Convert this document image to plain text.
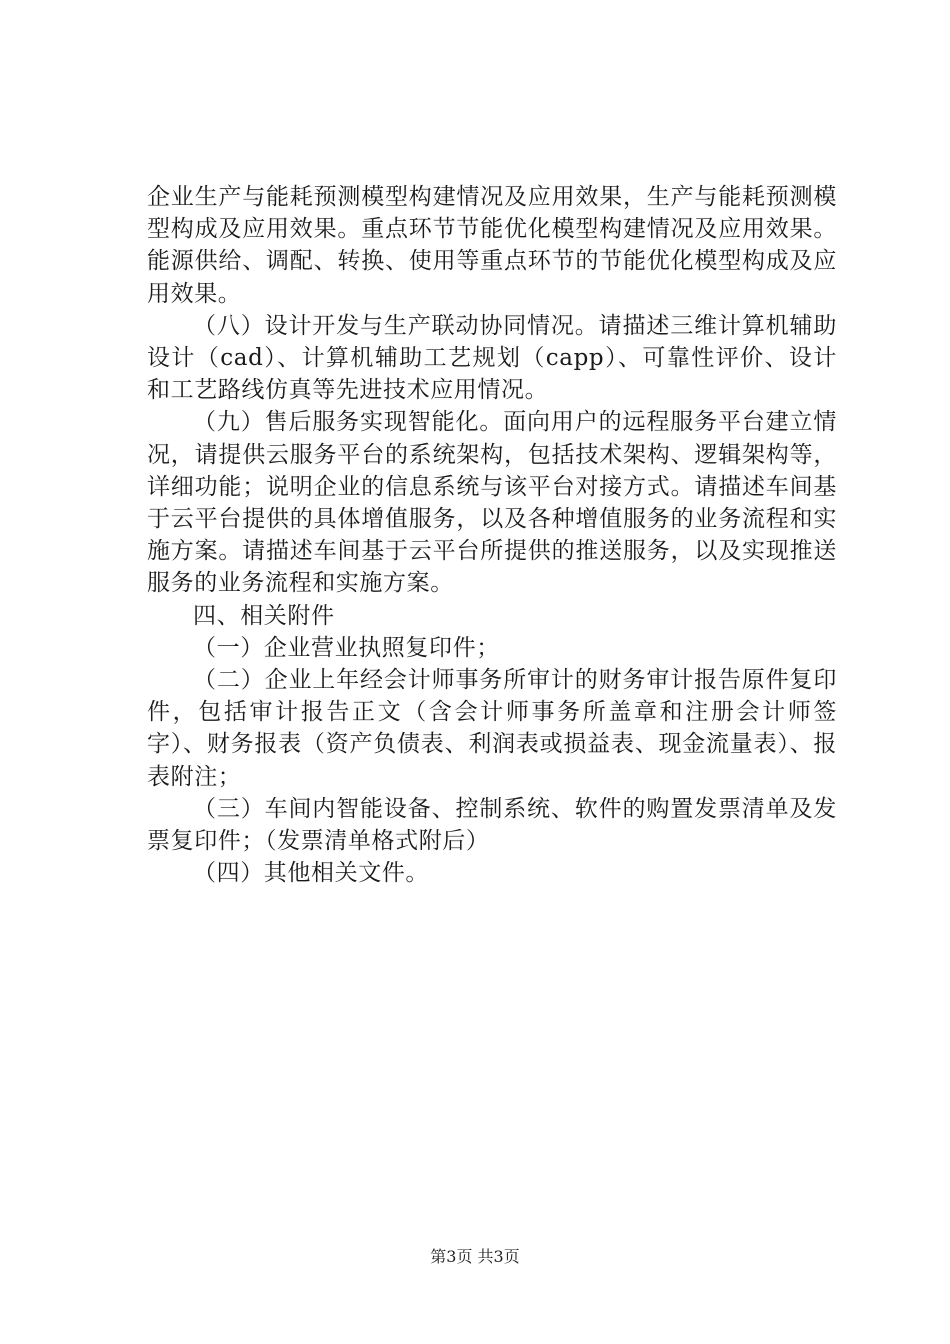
企业生产与能耗预测模型构建情况及应用效果，生产与能耗预测模型构成及应用效果。重点环节节能优化模型构建情况及应用效果。能源供给、调配、转换、使用等重点环节的节能优化模型构成及应用效果。

（八）设计开发与生产联动协同情况。请描述三维计算机辅助设计（cad）、计算机辅助工艺规划（capp）、可靠性评价、设计和工艺路线仿真等先进技术应用情况。

（九）售后服务实现智能化。面向用户的远程服务平台建立情况，请提供云服务平台的系统架构，包括技术架构、逻辑架构等，详细功能；说明企业的信息系统与该平台对接方式。请描述车间基于云平台提供的具体增值服务，以及各种增值服务的业务流程和实施方案。请描述车间基于云平台所提供的推送服务，以及实现推送服务的业务流程和实施方案。

四、相关附件

（一）企业营业执照复印件；

（二）企业上年经会计师事务所审计的财务审计报告原件复印件，包括审计报告正文（含会计师事务所盖章和注册会计师签字）、财务报表（资产负债表、利润表或损益表、现金流量表）、报表附注；

（三）车间内智能设备、控制系统、软件的购置发票清单及发票复印件；（发票清单格式附后）

（四）其他相关文件。

第3页 共3页
